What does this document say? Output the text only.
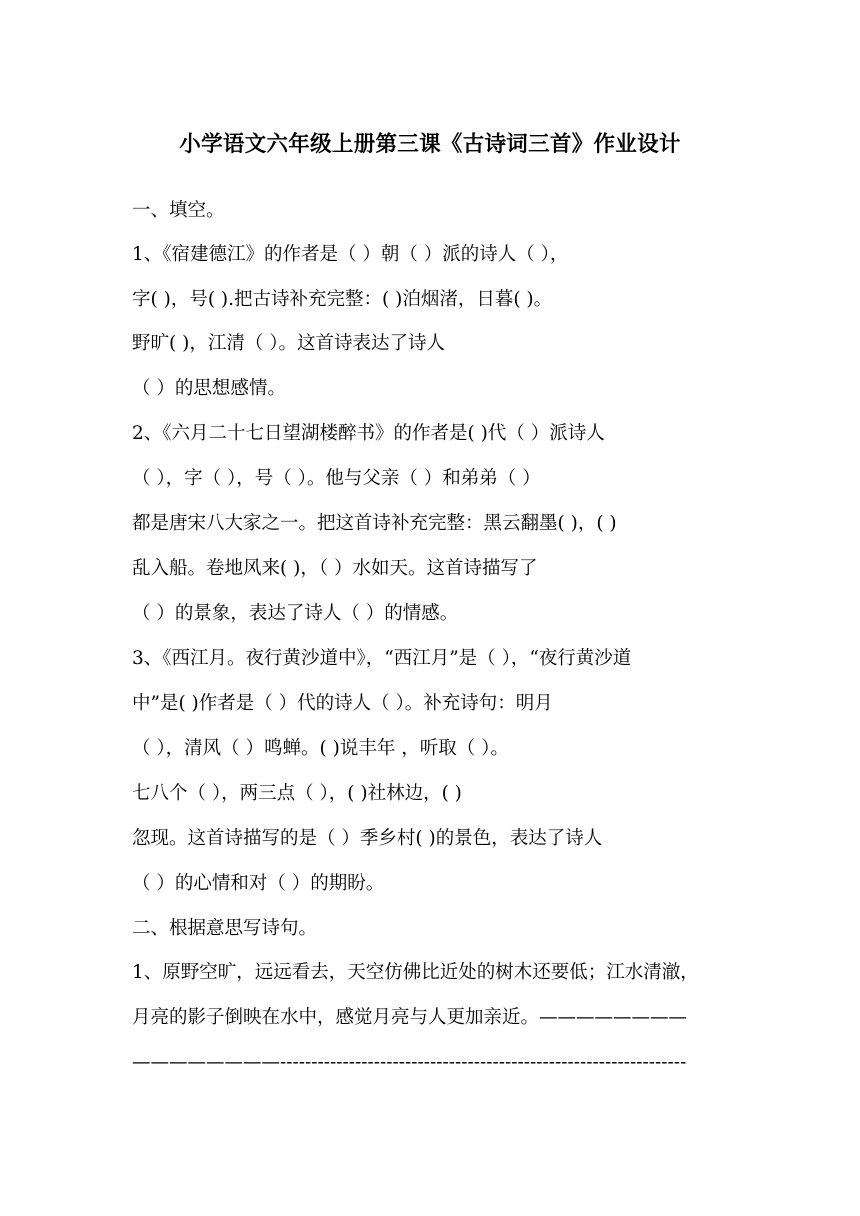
小学语文六年级上册第三课《古诗词三首》作业设计
一、填空。
1、《宿建德江》的作者是（ ）朝（ ）派的诗人（ ），
字( )，号( ).把古诗补充完整：( )泊烟渚，日暮( )。
野旷( )，江清（ ）。这首诗表达了诗人
（ ）的思想感情。
2、《六月二十七日望湖楼醉书》的作者是( )代（ ）派诗人
（ ），字（ ），号（ ）。他与父亲（ ）和弟弟（ ）
都是唐宋八大家之一。把这首诗补充完整：黑云翻墨( )，( )
乱入船。卷地风来( )，（ ）水如天。这首诗描写了
（ ）的景象，表达了诗人（ ）的情感。
3、《西江月。夜行黄沙道中》，“西江月”是（ ），“夜行黄沙道
中”是( )作者是（ ）代的诗人（ ）。补充诗句：明月
（ ），清风（ ）鸣蝉。( )说丰年 ，听取（ ）。
七八个（ ），两三点（ ），( )社林边，( )
忽现。这首诗描写的是（ ）季乡村( )的景色，表达了诗人
（ ）的心情和对（ ）的期盼。
二、根据意思写诗句。
1、原野空旷，远远看去，天空仿佛比近处的树木还要低；江水清澈，
月亮的影子倒映在水中，感觉月亮与人更加亲近。————————
————————-----------------------------------------------------------------
